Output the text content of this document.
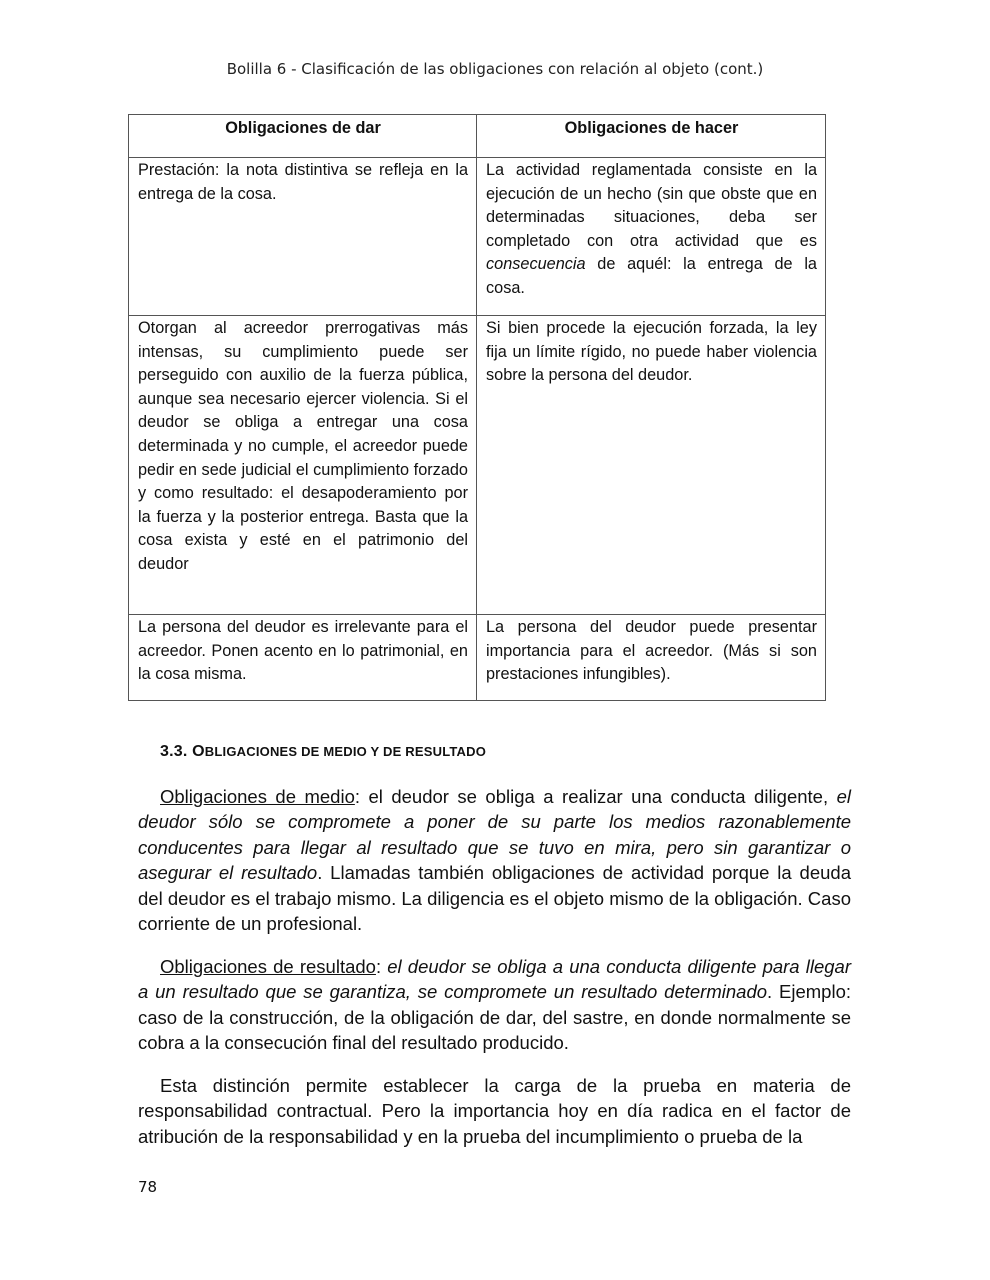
Bolilla 6 - Clasificación de las obligaciones con relación al objeto (cont.)
Obligaciones de dar	Obligaciones de hacer
Prestación: la nota distintiva se refleja en la entrega de la cosa.	La actividad reglamentada consiste en la ejecución de un hecho (sin que obste que en determinadas situaciones, deba ser completado con otra actividad que es consecuencia de aquél: la entrega de la cosa.
Otorgan al acreedor prerrogativas más intensas, su cumplimiento puede ser perseguido con auxilio de la fuerza pública, aunque sea necesario ejercer violencia. Si el deudor se obliga a entregar una cosa determinada y no cumple, el acreedor puede pedir en sede judicial el cumplimiento forzado y como resultado: el desapoderamiento por la fuerza y la posterior entrega. Basta que la cosa exista y esté en el patrimonio del deudor	Si bien procede la ejecución forzada, la ley fija un límite rígido, no puede haber violencia sobre la persona del deudor.
La persona del deudor es irrelevante para el acreedor. Ponen acento en lo patrimonial, en la cosa misma.	La persona del deudor puede presentar importancia para el acreedor. (Más si son prestaciones infungibles).
3.3. OBLIGACIONES DE MEDIO Y DE RESULTADO

Obligaciones de medio: el deudor se obliga a realizar una conducta diligente, el deudor sólo se compromete a poner de su parte los medios razonablemente conducentes para llegar al resultado que se tuvo en mira, pero sin garantizar o asegurar el resultado. Llamadas también obligaciones de actividad porque la deuda del deudor es el trabajo mismo. La diligencia es el objeto mismo de la obligación. Caso corriente de un profesional.

Obligaciones de resultado: el deudor se obliga a una conducta diligente para llegar a un resultado que se garantiza, se compromete un resultado determinado. Ejemplo: caso de la construcción, de la obligación de dar, del sastre, en donde normalmente se cobra a la consecución final del resultado producido.

Esta distinción permite establecer la carga de la prueba en materia de responsabilidad contractual. Pero la importancia hoy en día radica en el factor de atribución de la responsabilidad y en la prueba del incumplimiento o prueba de la

78
